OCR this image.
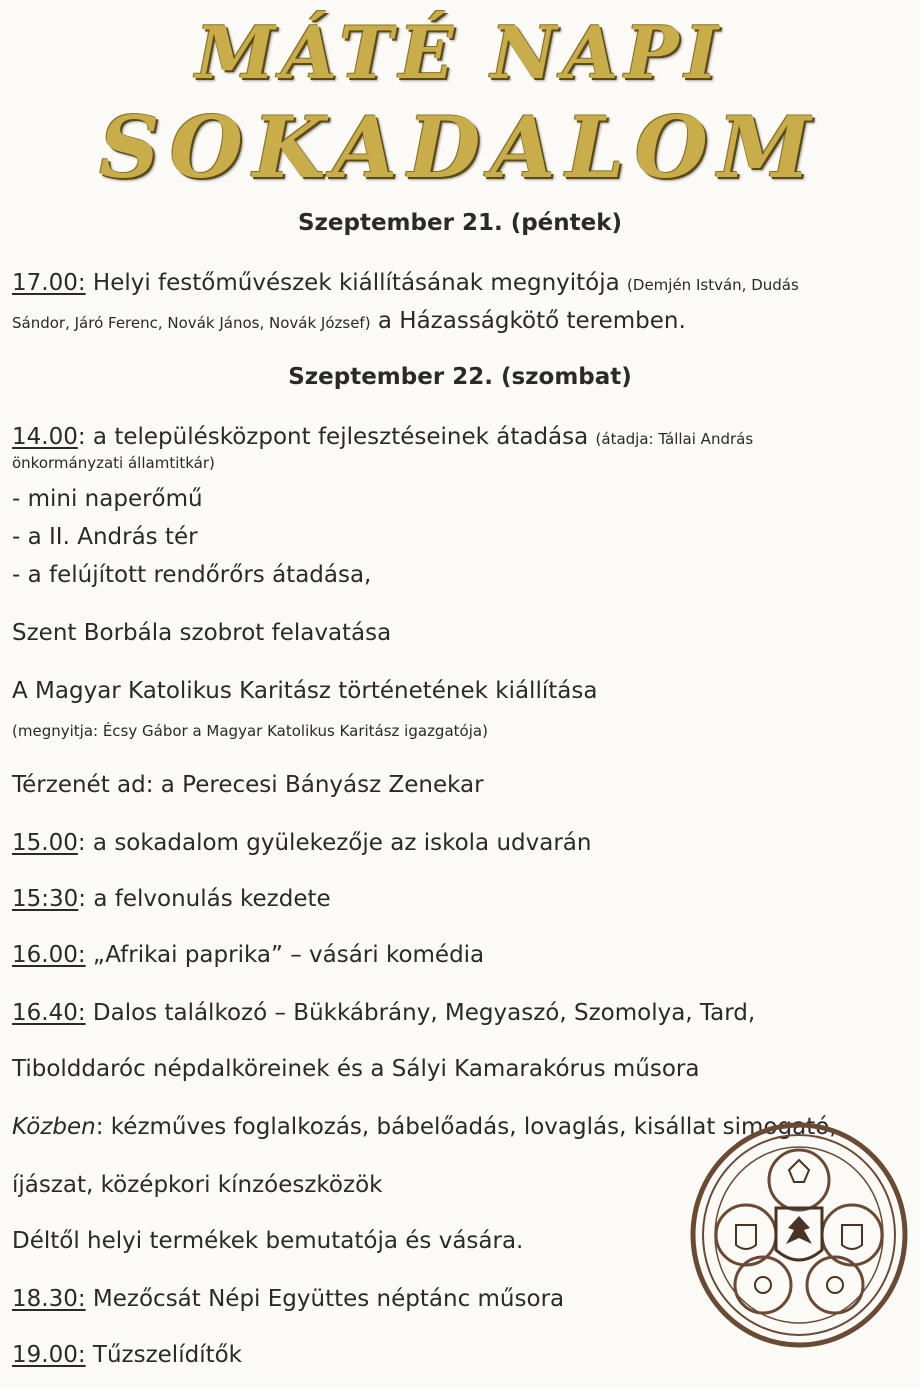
MÁTÉ NAPI
SOKADALOM
Szeptember 21. (péntek)
17.00: Helyi festőművészek kiállításának megnyitója (Demjén István, Dudás
Sándor, Járó Ferenc, Novák János, Novák József) a Házasságkötő teremben.
Szeptember 22. (szombat)
14.00: a településközpont fejlesztéseinek átadása (átadja: Tállai András
önkormányzati államtitkár)
- mini naperőmű
- a II. András tér
- a felújított rendőrőrs átadása,
Szent Borbála szobrot felavatása
A Magyar Katolikus Karitász történetének kiállítása
(megnyitja: Écsy Gábor a Magyar Katolikus Karitász igazgatója)
Térzenét ad: a Perecesi Bányász Zenekar
15.00: a sokadalom gyülekezője az iskola udvarán
15:30: a felvonulás kezdete
16.00: „Afrikai paprika” – vásári komédia
16.40: Dalos találkozó – Bükkábrány, Megyaszó, Szomolya, Tard,
Tibolddaróc népdalköreinek és a Sályi Kamarakórus műsora
Közben: kézműves foglalkozás, bábelőadás, lovaglás, kisállat simogató,
íjászat, középkori kínzóeszközök
Déltől helyi termékek bemutatója és vására.
18.30: Mezőcsát Népi Együttes néptánc műsora
19.00: Tűzszelídítők
